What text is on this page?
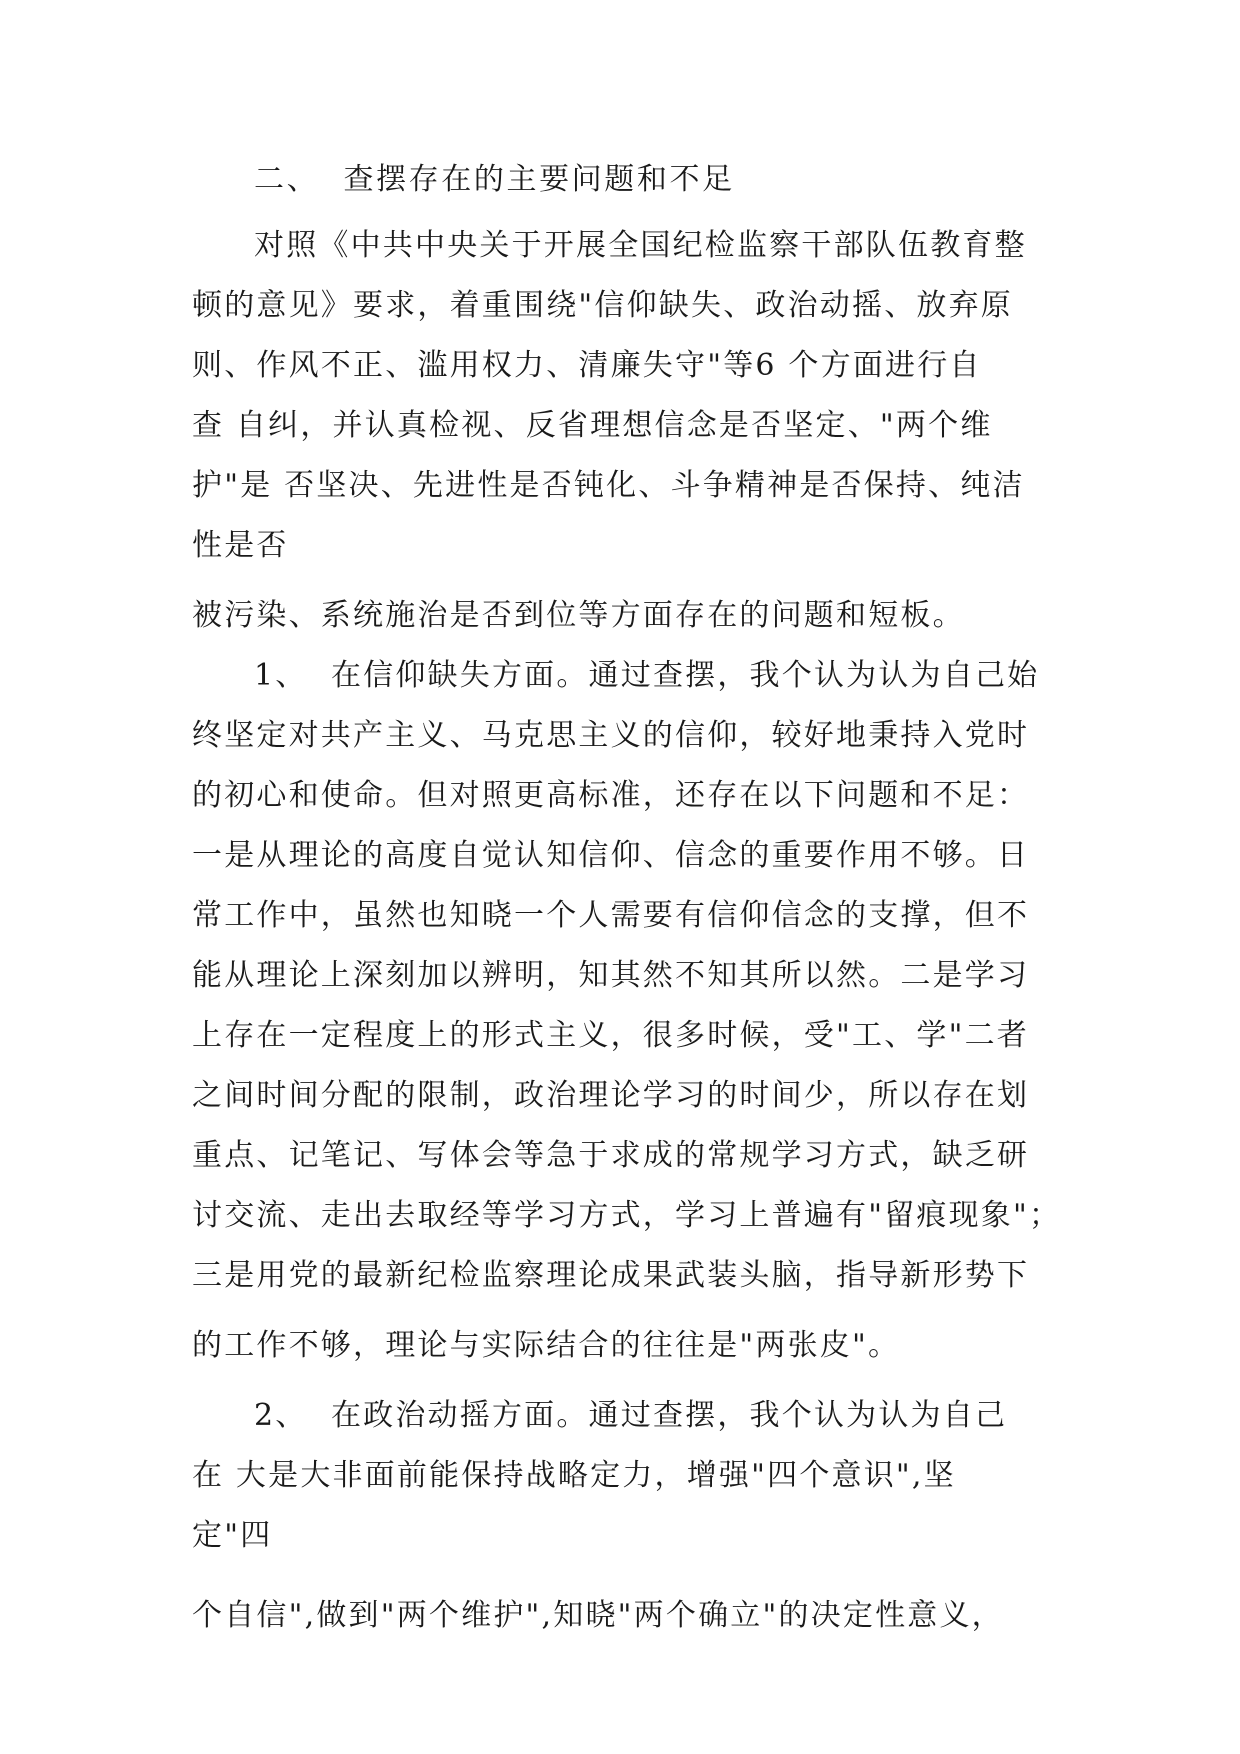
二、  查摆存在的主要问题和不足

对照《中共中央关于开展全国纪检监察干部队伍教育整

顿的意见》要求，着重围绕"信仰缺失、政治动摇、放弃原

则、作风不正、滥用权力、清廉失守"等6 个方面进行自

查 自纠，并认真检视、反省理想信念是否坚定、"两个维

护"是 否坚决、先进性是否钝化、斗争精神是否保持、纯洁

性是否

被污染、系统施治是否到位等方面存在的问题和短板。

1、  在信仰缺失方面。通过查摆，我个认为认为自己始

终坚定对共产主义、马克思主义的信仰，较好地秉持入党时

的初心和使命。但对照更高标准，还存在以下问题和不足：

一是从理论的高度自觉认知信仰、信念的重要作用不够。日

常工作中，虽然也知晓一个人需要有信仰信念的支撑，但不

能从理论上深刻加以辨明，知其然不知其所以然。二是学习

上存在一定程度上的形式主义，很多时候，受"工、学"二者

之间时间分配的限制，政治理论学习的时间少，所以存在划

重点、记笔记、写体会等急于求成的常规学习方式，缺乏研

讨交流、走出去取经等学习方式，学习上普遍有"留痕现象"；

三是用党的最新纪检监察理论成果武装头脑，指导新形势下

的工作不够，理论与实际结合的往往是"两张皮"。

2、  在政治动摇方面。通过查摆，我个认为认为自己

在 大是大非面前能保持战略定力，增强"四个意识",坚

定"四

个自信",做到"两个维护",知晓"两个确立"的决定性意义，
